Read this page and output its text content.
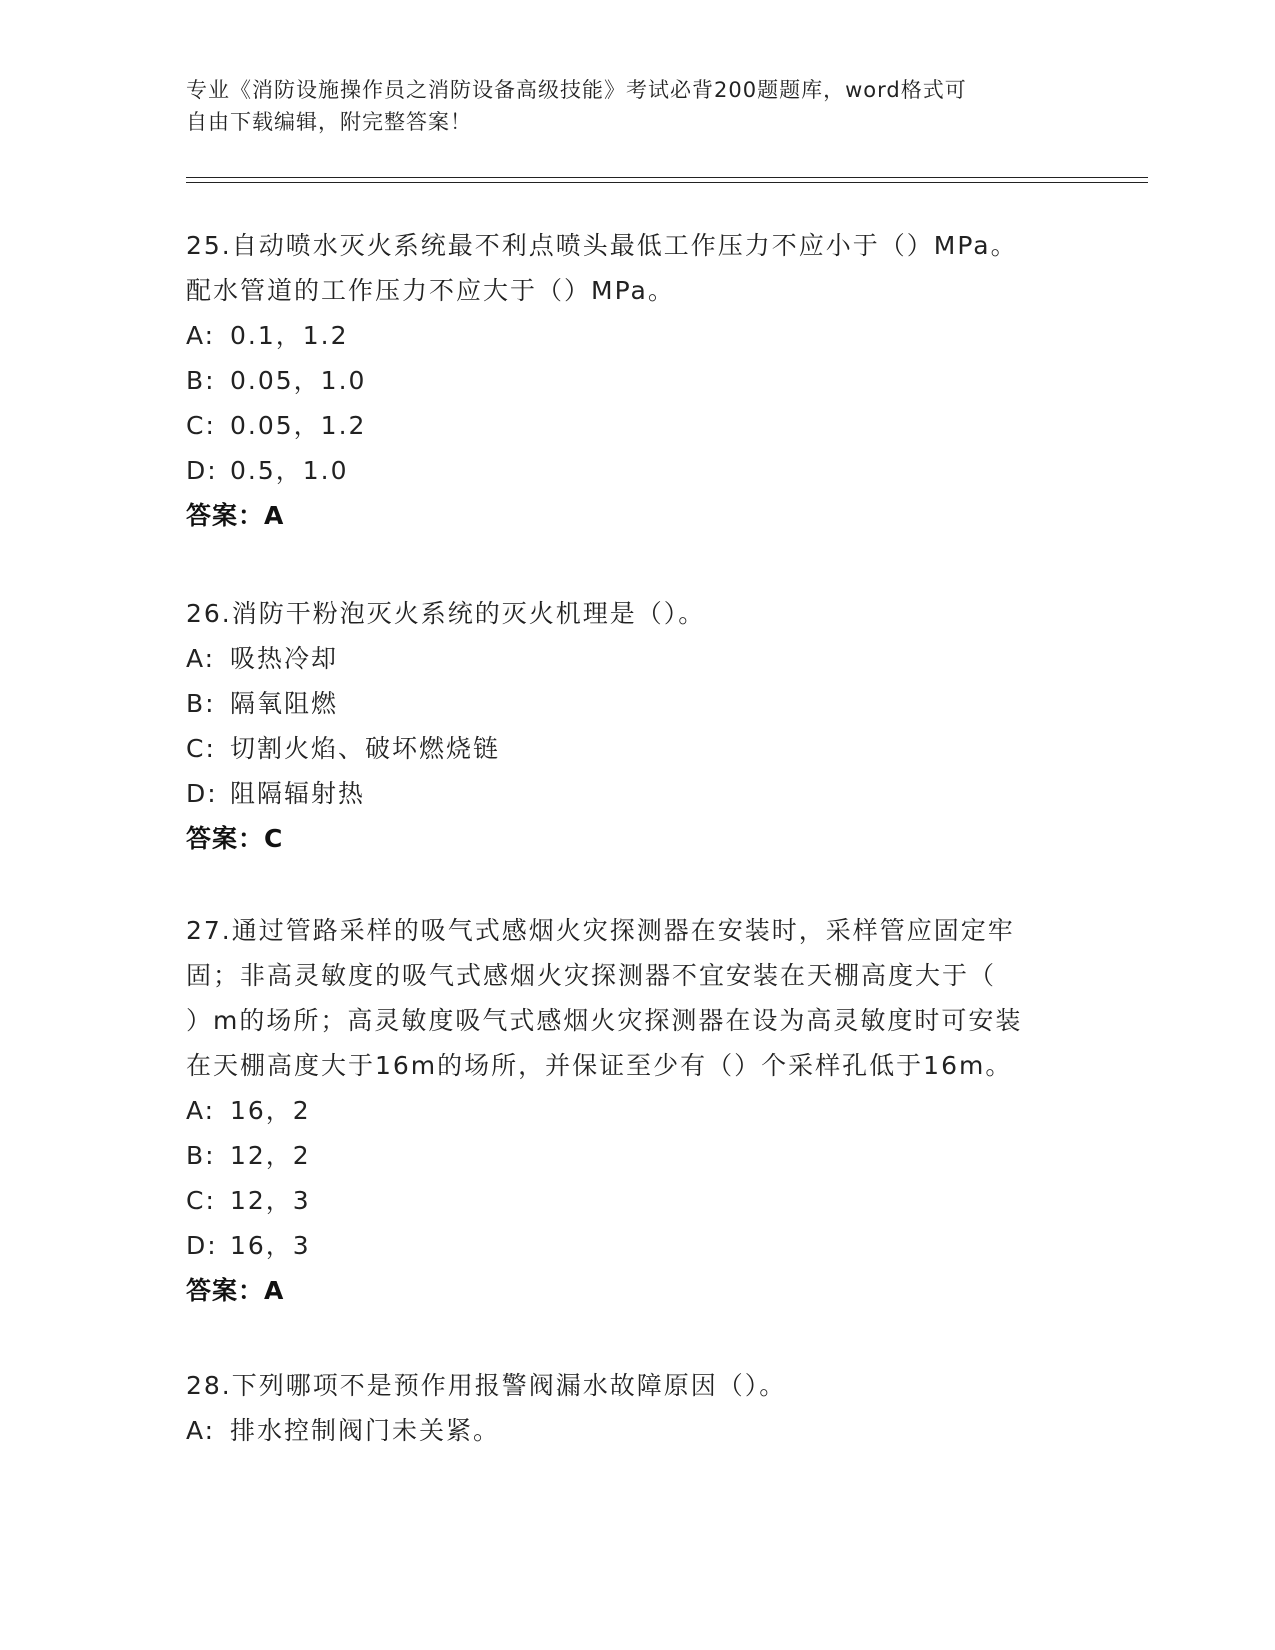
专业《消防设施操作员之消防设备高级技能》考试必背200题题库，word格式可
自由下载编辑，附完整答案！
25.自动喷水灭火系统最不利点喷头最低工作压力不应小于（）MPa。
配水管道的工作压力不应大于（）MPa。
A: 0.1，1.2
B: 0.05，1.0
C: 0.05，1.2
D: 0.5，1.0
答案：A
26.消防干粉泡灭火系统的灭火机理是（）。
A: 吸热冷却
B: 隔氧阻燃
C: 切割火焰、破坏燃烧链
D: 阻隔辐射热
答案：C
27.通过管路采样的吸气式感烟火灾探测器在安装时，采样管应固定牢
固；非高灵敏度的吸气式感烟火灾探测器不宜安装在天棚高度大于（
）m的场所；高灵敏度吸气式感烟火灾探测器在设为高灵敏度时可安装
在天棚高度大于16m的场所，并保证至少有（）个采样孔低于16m。
A: 16，2
B: 12，2
C: 12，3
D: 16，3
答案：A
28.下列哪项不是预作用报警阀漏水故障原因（）。
A: 排水控制阀门未关紧。
